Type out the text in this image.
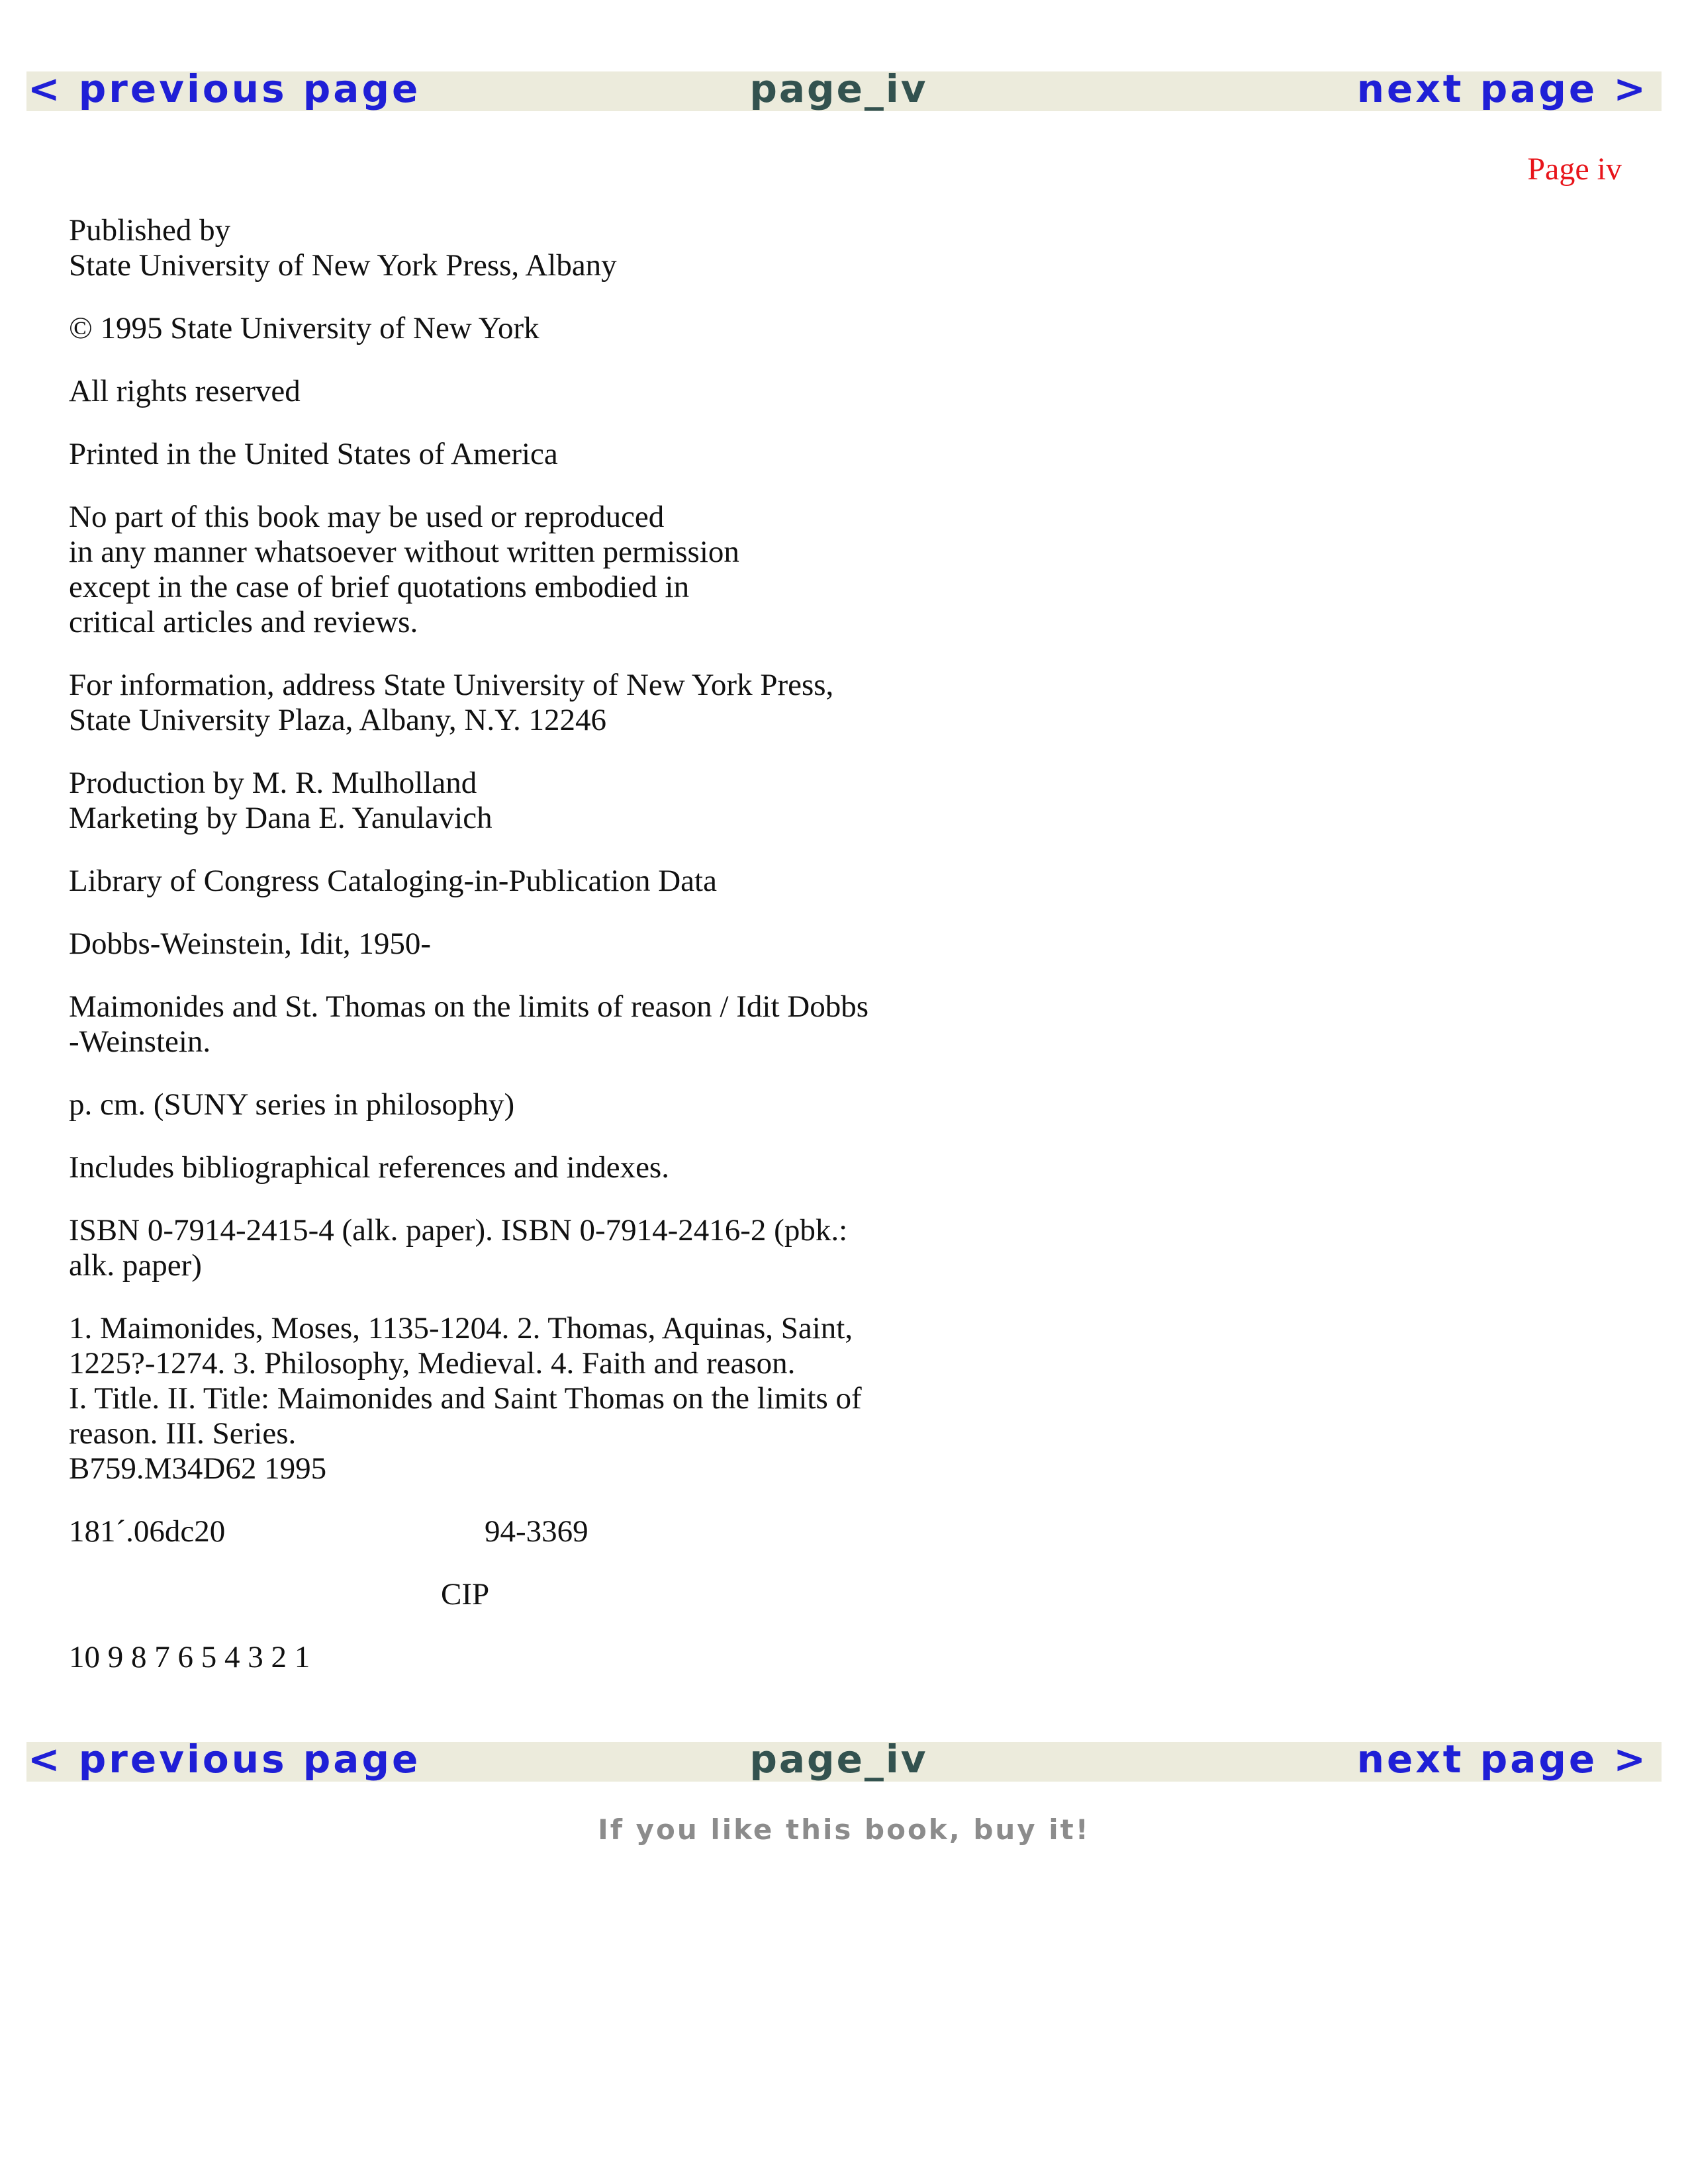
page_iv
< previous page	next page >
Page iv

Published by
State University of New York Press, Albany

© 1995 State University of New York

All rights reserved

Printed in the United States of America

No part of this book may be used or reproduced
in any manner whatsoever without written permission
except in the case of brief quotations embodied in
critical articles and reviews.

For information, address State University of New York Press,
State University Plaza, Albany, N.Y. 12246

Production by M. R. Mulholland
Marketing by Dana E. Yanulavich

Library of Congress Cataloging-in-Publication Data

Dobbs-Weinstein, Idit, 1950-

Maimonides and St. Thomas on the limits of reason / Idit Dobbs
-Weinstein.

p. cm. (SUNY series in philosophy)

Includes bibliographical references and indexes.

ISBN 0-7914-2415-4 (alk. paper). ISBN 0-7914-2416-2 (pbk.:
alk. paper)

1. Maimonides, Moses, 1135-1204. 2. Thomas, Aquinas, Saint,
1225?-1274. 3. Philosophy, Medieval. 4. Faith and reason.
I. Title. II. Title: Maimonides and Saint Thomas on the limits of
reason. III. Series.
B759.M34D62 1995

181´.06dc20	94-3369
CIP

10 9 8 7 6 5 4 3 2 1

page_iv
< previous page	next page >
If you like this book, buy it!
